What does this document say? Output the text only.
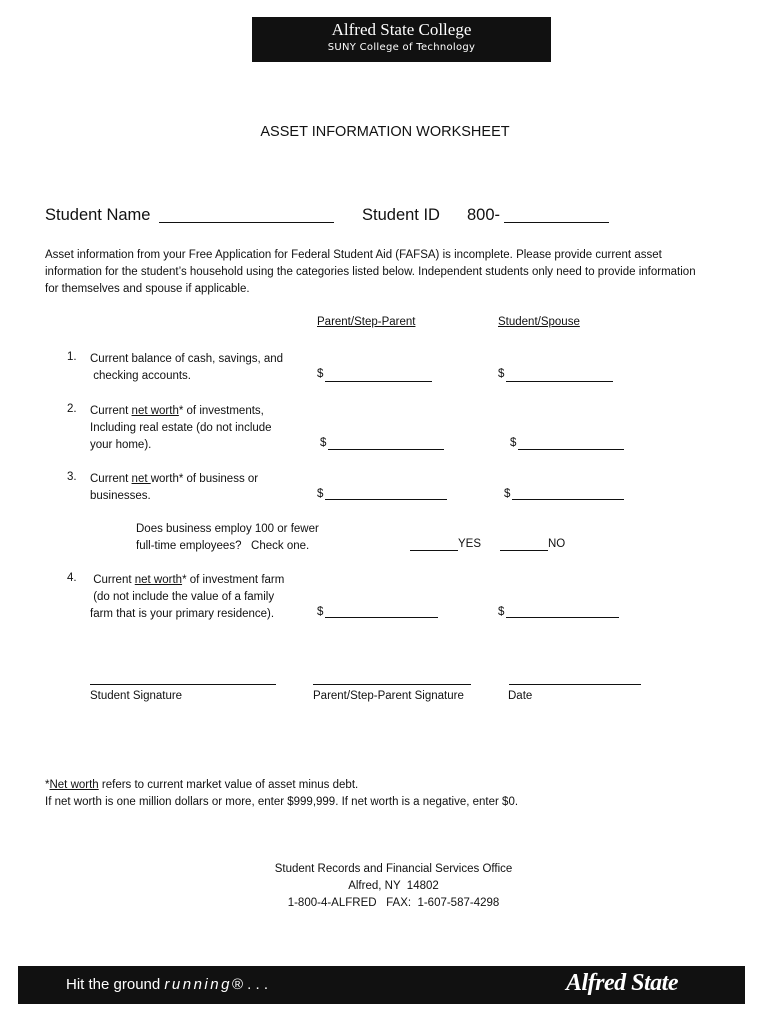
Alfred State College
SUNY College of Technology
ASSET INFORMATION WORKSHEET
Student Name	Student ID 800-
Asset information from your Free Application for Federal Student Aid (FAFSA) is incomplete. Please provide current asset
information for the student’s household using the categories listed below. Independent students only need to provide information
for themselves and spouse if applicable.
Parent/Step-Parent	Student/Spouse
1. Current balance of cash, savings, and
checking accounts.	$	$
2. Current net worth* of investments,
Including real estate (do not include
your home).	$	$
3. Current net worth* of business or
businesses.	$	$
Does business employ 100 or fewer
full-time employees?   Check one.	YES	NO
4. Current net worth* of investment farm
(do not include the value of a family
farm that is your primary residence).	$	$
Student Signature	Parent/Step-Parent Signature	Date
*Net worth refers to current market value of asset minus debt.
If net worth is one million dollars or more, enter $999,999. If net worth is a negative, enter $0.
Student Records and Financial Services Office
Alfred, NY  14802
1-800-4-ALFRED   FAX:  1-607-587-4298
Hit the ground running® . . .	Alfred State
